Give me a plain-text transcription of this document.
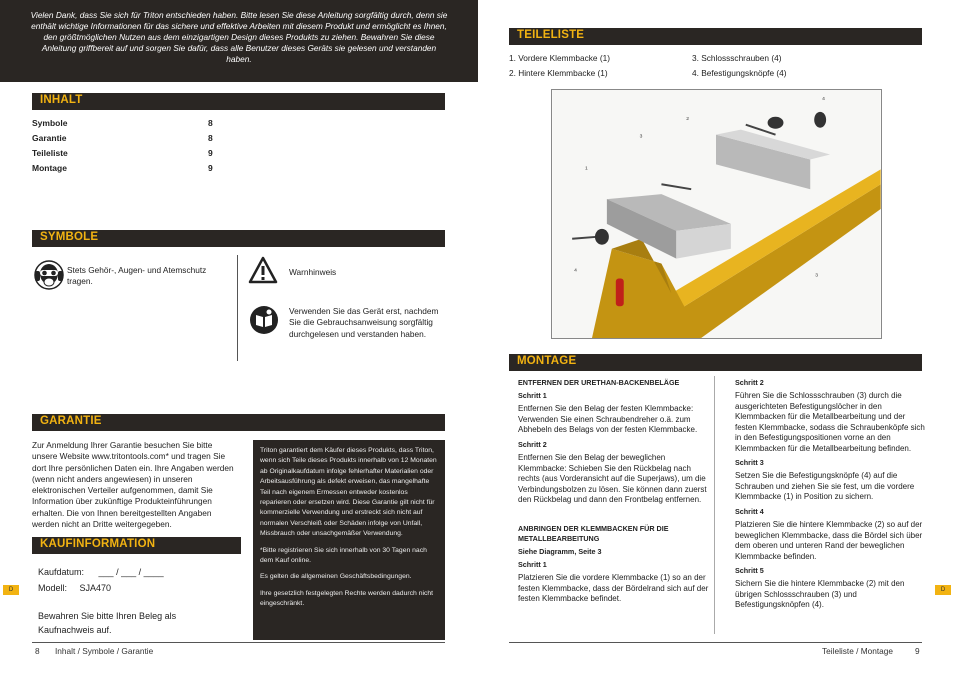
Vielen Dank, dass Sie sich für Triton entschieden haben. Bitte lesen Sie diese Anleitung sorgfältig durch, denn sie enthält wichtige Informationen für das sichere und effektive Arbeiten mit diesem Produkt und ermöglicht es Ihnen, den größtmöglichen Nutzen aus dem einzigartigen Design dieses Produkts zu ziehen. Bewahren Sie diese Anleitung griffbereit auf und sorgen Sie dafür, dass alle Benutzer dieses Geräts sie gelesen und verstanden haben.
INHALT
Symbole	8
Garantie	8
Teileliste	9
Montage	9
SYMBOLE
Stets Gehör-, Augen- und Atemschutz tragen.
Warnhinweis
Verwenden Sie das Gerät erst, nachdem Sie die Gebrauchsanweisung sorgfältig durchgelesen und verstanden haben.
GARANTIE
Zur Anmeldung Ihrer Garantie besuchen Sie bitte unsere Website www.tritontools.com* und tragen Sie dort Ihre persönlichen Daten ein. Ihre Angaben werden (wenn nicht anders angewiesen) in unseren elektronischen Verteiler aufgenommen, damit Sie Information über zukünftige Produkteinführungen erhalten. Die von Ihnen bereitgestellten Angaben werden nicht an Dritte weitergegeben.

Triton garantiert dem Käufer dieses Produkts, dass Triton, wenn sich Teile dieses Produkts innerhalb von 12 Monaten ab Originalkaufdatum infolge fehlerhafter Materialien oder Arbeitsausführung als defekt erweisen, das mangelhafte Teil nach eigenem Ermessen entweder kostenlos reparieren oder ersetzen wird. Diese Garantie gilt nicht für kommerzielle Verwendung und erstreckt sich nicht auf normalen Verschleiß oder Schäden infolge von Unfall, Missbrauch oder unsachgemäßer Verwendung.

*Bitte registrieren Sie sich innerhalb von 30 Tagen nach dem Kauf online.

Es gelten die allgemeinen Geschäftsbedingungen.

Ihre gesetzlich festgelegten Rechte werden dadurch nicht eingeschränkt.

KAUFINFORMATION
Kaufdatum: ___ / ___ / ____
Modell: SJA470
Bewahren Sie bitte Ihren Beleg als Kaufnachweis auf.
8 Inhalt / Symbole / Garantie
D
TEILELISTE
1. Vordere Klemmbacke (1)
2. Hintere Klemmbacke (1)
3. Schlossschrauben (4)
4. Befestigungsknöpfe (4)
1
2
3
3
4
4
MONTAGE
ENTFERNEN DER URETHAN-BACKENBELÄGE
Schritt 1
Entfernen Sie den Belag der festen Klemmbacke: Verwenden Sie einen Schraubendreher o.ä. zum Abhebeln des Belags von der festen Klemmbacke.
Schritt 2
Entfernen Sie den Belag der beweglichen Klemmbacke: Schieben Sie den Rückbelag nach rechts (aus Vorderansicht auf die Superjaws), um die Verbindungsbolzen zu lösen. Sie können dann zuerst den Rückbelag und dann den Frontbelag entfernen.
ANBRINGEN DER KLEMMBACKEN FÜR DIE METALLBEARBEITUNG
Siehe Diagramm, Seite 3
Schritt 1
Platzieren Sie die vordere Klemmbacke (1) so an der festen Klemmbacke, dass der Bördelrand sich auf der festen Klemmbacke befindet.
Schritt 2
Führen Sie die Schlossschrauben (3) durch die ausgerichteten Befestigungslöcher in den Klemmbacken für die Metallbearbeitung und der festen Klemmbacke, sodass die Schraubenköpfe sich in den Befestigungspositionen vorne an den Klemmbacken für die Metallbearbeitung befinden.
Schritt 3
Setzen Sie die Befestigungsknöpfe (4) auf die Schrauben und ziehen Sie sie fest, um die vordere Klemmbacke (1) in Position zu sichern.
Schritt 4
Platzieren Sie die hintere Klemmbacke (2) so auf der beweglichen Klemmbacke, dass die Bördel sich über dem oberen und unteren Rand der beweglichen Klemmbacke befinden.
Schritt 5
Sichern Sie die hintere Klemmbacke (2) mit den übrigen Schlossschrauben (3) und Befestigungsknöpfen (4).
Teileliste / Montage	9
D
